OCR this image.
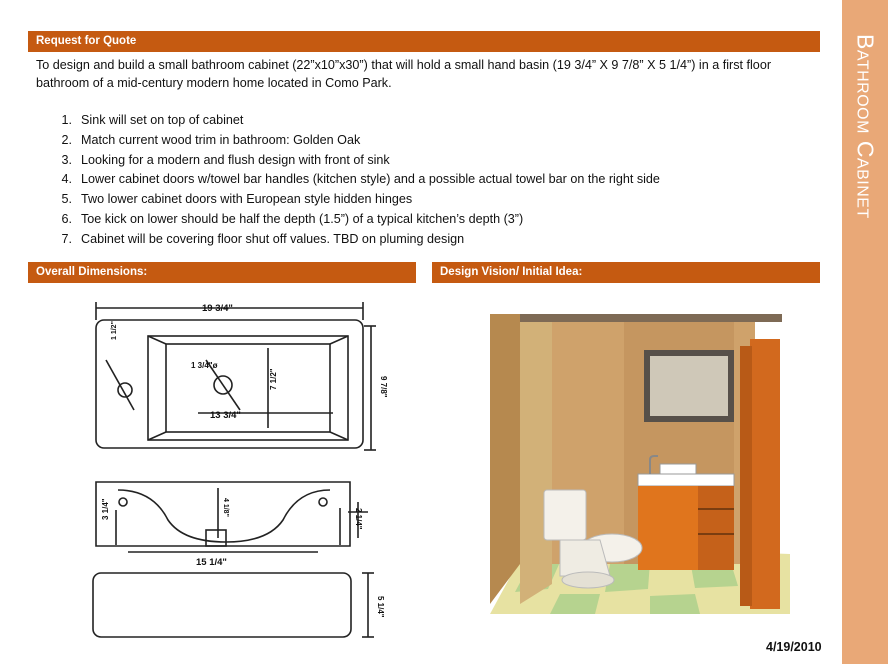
Bathroom Cabinet
Request for Quote
To design and build a small bathroom cabinet (22”x10”x30”) that will hold a small hand basin (19 3/4” X 9 7/8” X 5 1/4”) in a first floor bathroom of a mid-century modern home located in Como Park.
1. Sink will set on top of cabinet
2. Match current wood trim in bathroom: Golden Oak
3. Looking for a modern and flush design with front of sink
4. Lower cabinet doors w/towel bar handles (kitchen style) and a possible actual towel bar on the right side
5. Two lower cabinet doors with European style hidden hinges
6. Toe kick on lower should be half the depth (1.5”) of a typical kitchen’s depth (3”)
7. Cabinet will be covering floor shut off values. TBD on pluming design
Overall Dimensions:	Design Vision/ Initial Idea:
19 3/4"
1 1/2"
1 3/4"ø
7 1/2"	9 7/8"
13 3/4"
4 1/8"
3 1/4"	2 1/4"
15 1/4"
5 1/4"
4/19/2010
